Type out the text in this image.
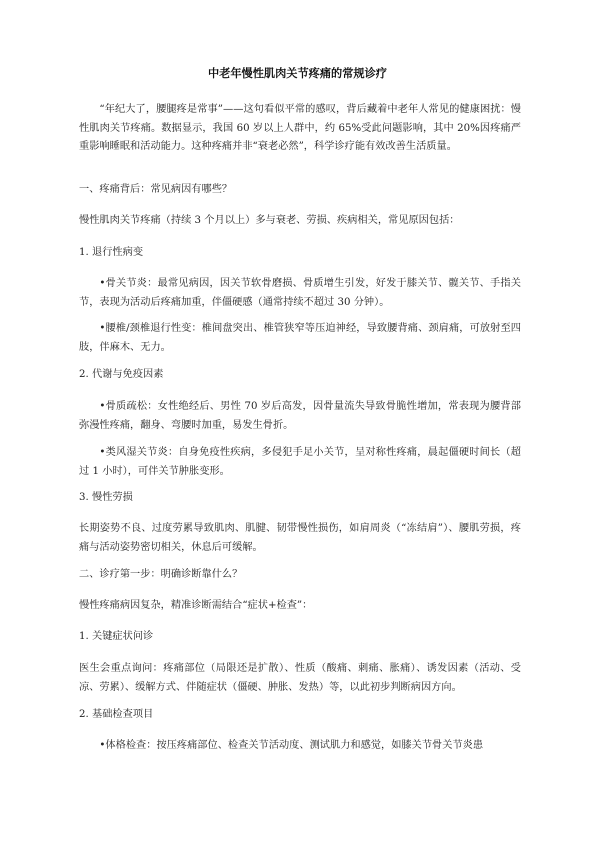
中老年慢性肌肉关节疼痛的常规诊疗

“年纪大了，腰腿疼是常事”——这句看似平常的感叹，背后藏着中老年人常见的健康困扰：慢性肌肉关节疼痛。数据显示，我国 60 岁以上人群中，约 65%受此问题影响，其中 20%因疼痛严重影响睡眠和活动能力。这种疼痛并非“衰老必然”，科学诊疗能有效改善生活质量。

一、疼痛背后：常见病因有哪些？

慢性肌肉关节疼痛（持续 3 个月以上）多与衰老、劳损、疾病相关，常见原因包括：

1. 退行性病变

•骨关节炎：最常见病因，因关节软骨磨损、骨质增生引发，好发于膝关节、髋关节、手指关节，表现为活动后疼痛加重，伴僵硬感（通常持续不超过 30 分钟）。

•腰椎/颈椎退行性变：椎间盘突出、椎管狭窄等压迫神经，导致腰背痛、颈肩痛，可放射至四肢，伴麻木、无力。

2. 代谢与免疫因素

•骨质疏松：女性绝经后、男性 70 岁后高发，因骨量流失导致骨脆性增加，常表现为腰背部弥漫性疼痛，翻身、弯腰时加重，易发生骨折。

•类风湿关节炎：自身免疫性疾病，多侵犯手足小关节，呈对称性疼痛，晨起僵硬时间长（超过 1 小时），可伴关节肿胀变形。

3. 慢性劳损

长期姿势不良、过度劳累导致肌肉、肌腱、韧带慢性损伤，如肩周炎（“冻结肩”）、腰肌劳损，疼痛与活动姿势密切相关，休息后可缓解。

二、诊疗第一步：明确诊断靠什么？

慢性疼痛病因复杂，精准诊断需结合“症状+检查”：

1. 关键症状问诊

医生会重点询问：疼痛部位（局限还是扩散）、性质（酸痛、刺痛、胀痛）、诱发因素（活动、受凉、劳累）、缓解方式、伴随症状（僵硬、肿胀、发热）等，以此初步判断病因方向。

2. 基础检查项目

•体格检查：按压疼痛部位、检查关节活动度、测试肌力和感觉，如膝关节骨关节炎患
